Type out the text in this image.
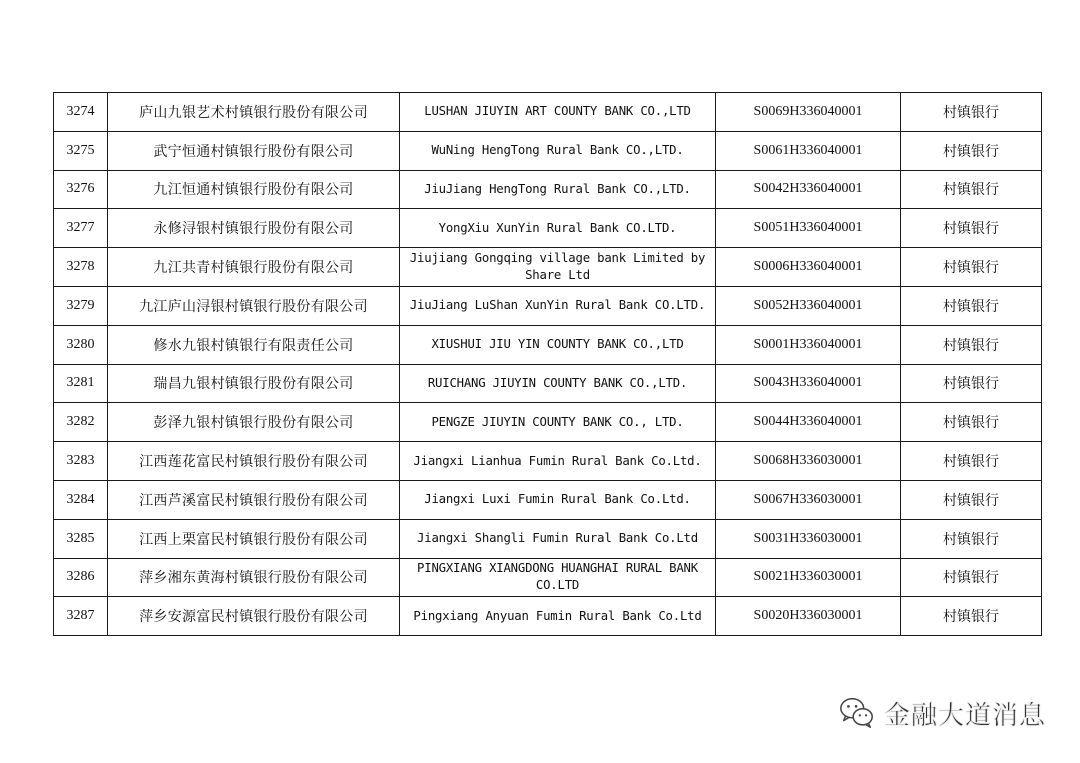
3274	庐山九银艺术村镇银行股份有限公司	LUSHAN JIUYIN ART COUNTY BANK CO.,LTD	S0069H336040001	村镇银行
3275	武宁恒通村镇银行股份有限公司	WuNing HengTong Rural Bank CO.,LTD.	S0061H336040001	村镇银行
3276	九江恒通村镇银行股份有限公司	JiuJiang HengTong Rural Bank CO.,LTD.	S0042H336040001	村镇银行
3277	永修浔银村镇银行股份有限公司	YongXiu XunYin Rural Bank CO.LTD.	S0051H336040001	村镇银行
3278	九江共青村镇银行股份有限公司	Jiujiang Gongqing village bank Limited by Share Ltd	S0006H336040001	村镇银行
3279	九江庐山浔银村镇银行股份有限公司	JiuJiang LuShan XunYin Rural Bank CO.LTD.	S0052H336040001	村镇银行
3280	修水九银村镇银行有限责任公司	XIUSHUI JIU YIN COUNTY BANK CO.,LTD	S0001H336040001	村镇银行
3281	瑞昌九银村镇银行股份有限公司	RUICHANG JIUYIN COUNTY BANK CO.,LTD.	S0043H336040001	村镇银行
3282	彭泽九银村镇银行股份有限公司	PENGZE JIUYIN COUNTY BANK CO., LTD.	S0044H336040001	村镇银行
3283	江西莲花富民村镇银行股份有限公司	Jiangxi Lianhua Fumin Rural Bank Co.Ltd.	S0068H336030001	村镇银行
3284	江西芦溪富民村镇银行股份有限公司	Jiangxi Luxi Fumin Rural Bank Co.Ltd.	S0067H336030001	村镇银行
3285	江西上栗富民村镇银行股份有限公司	Jiangxi Shangli Fumin Rural Bank Co.Ltd	S0031H336030001	村镇银行
3286	萍乡湘东黄海村镇银行股份有限公司	PINGXIANG XIANGDONG HUANGHAI RURAL BANK CO.LTD	S0021H336030001	村镇银行
3287	萍乡安源富民村镇银行股份有限公司	Pingxiang Anyuan Fumin Rural Bank Co.Ltd	S0020H336030001	村镇银行
金融大道消息
